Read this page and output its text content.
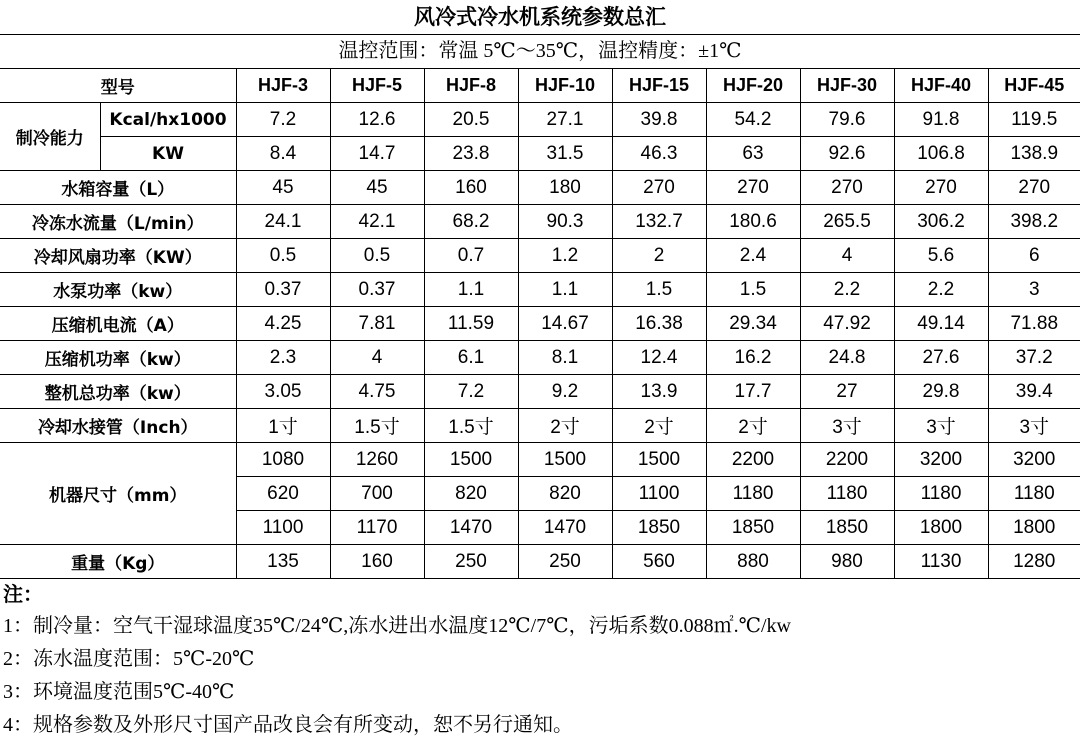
风冷式冷水机系统参数总汇
温控范围：常温 5℃～35℃，温控精度：±1℃
型号		HJF-3	HJF-5	HJF-8	HJF-10	HJF-15	HJF-20	HJF-30	HJF-40	HJF-45
制冷能力	Kcal/hx1000	7.2	12.6	20.5	27.1	39.8	54.2	79.6	91.8	119.5
	KW	8.4	14.7	23.8	31.5	46.3	63	92.6	106.8	138.9
水箱容量（L）		45	45	160	180	270	270	270	270	270
冷冻水流量（L/min）		24.1	42.1	68.2	90.3	132.7	180.6	265.5	306.2	398.2
冷却风扇功率（KW）		0.5	0.5	0.7	1.2	2	2.4	4	5.6	6
水泵功率（kw）		0.37	0.37	1.1	1.1	1.5	1.5	2.2	2.2	3
压缩机电流（A）		4.25	7.81	11.59	14.67	16.38	29.34	47.92	49.14	71.88
压缩机功率（kw）		2.3	4	6.1	8.1	12.4	16.2	24.8	27.6	37.2
整机总功率（kw）		3.05	4.75	7.2	9.2	13.9	17.7	27	29.8	39.4
冷却水接管（Inch）		1寸	1.5寸	1.5寸	2寸	2寸	2寸	3寸	3寸	3寸
机器尺寸（mm）		1080	1260	1500	1500	1500	2200	2200	3200	3200
		620	700	820	820	1100	1180	1180	1180	1180
		1100	1170	1470	1470	1850	1850	1850	1800	1800
重量（Kg）		135	160	250	250	560	880	980	1130	1280
注：
1：制冷量：空气干湿球温度35℃/24℃,冻水进出水温度12℃/7℃，污垢系数0.088㎡.℃/kw
2：冻水温度范围：5℃-20℃
3：环境温度范围5℃-40℃
4：规格参数及外形尺寸国产品改良会有所变动，恕不另行通知。
